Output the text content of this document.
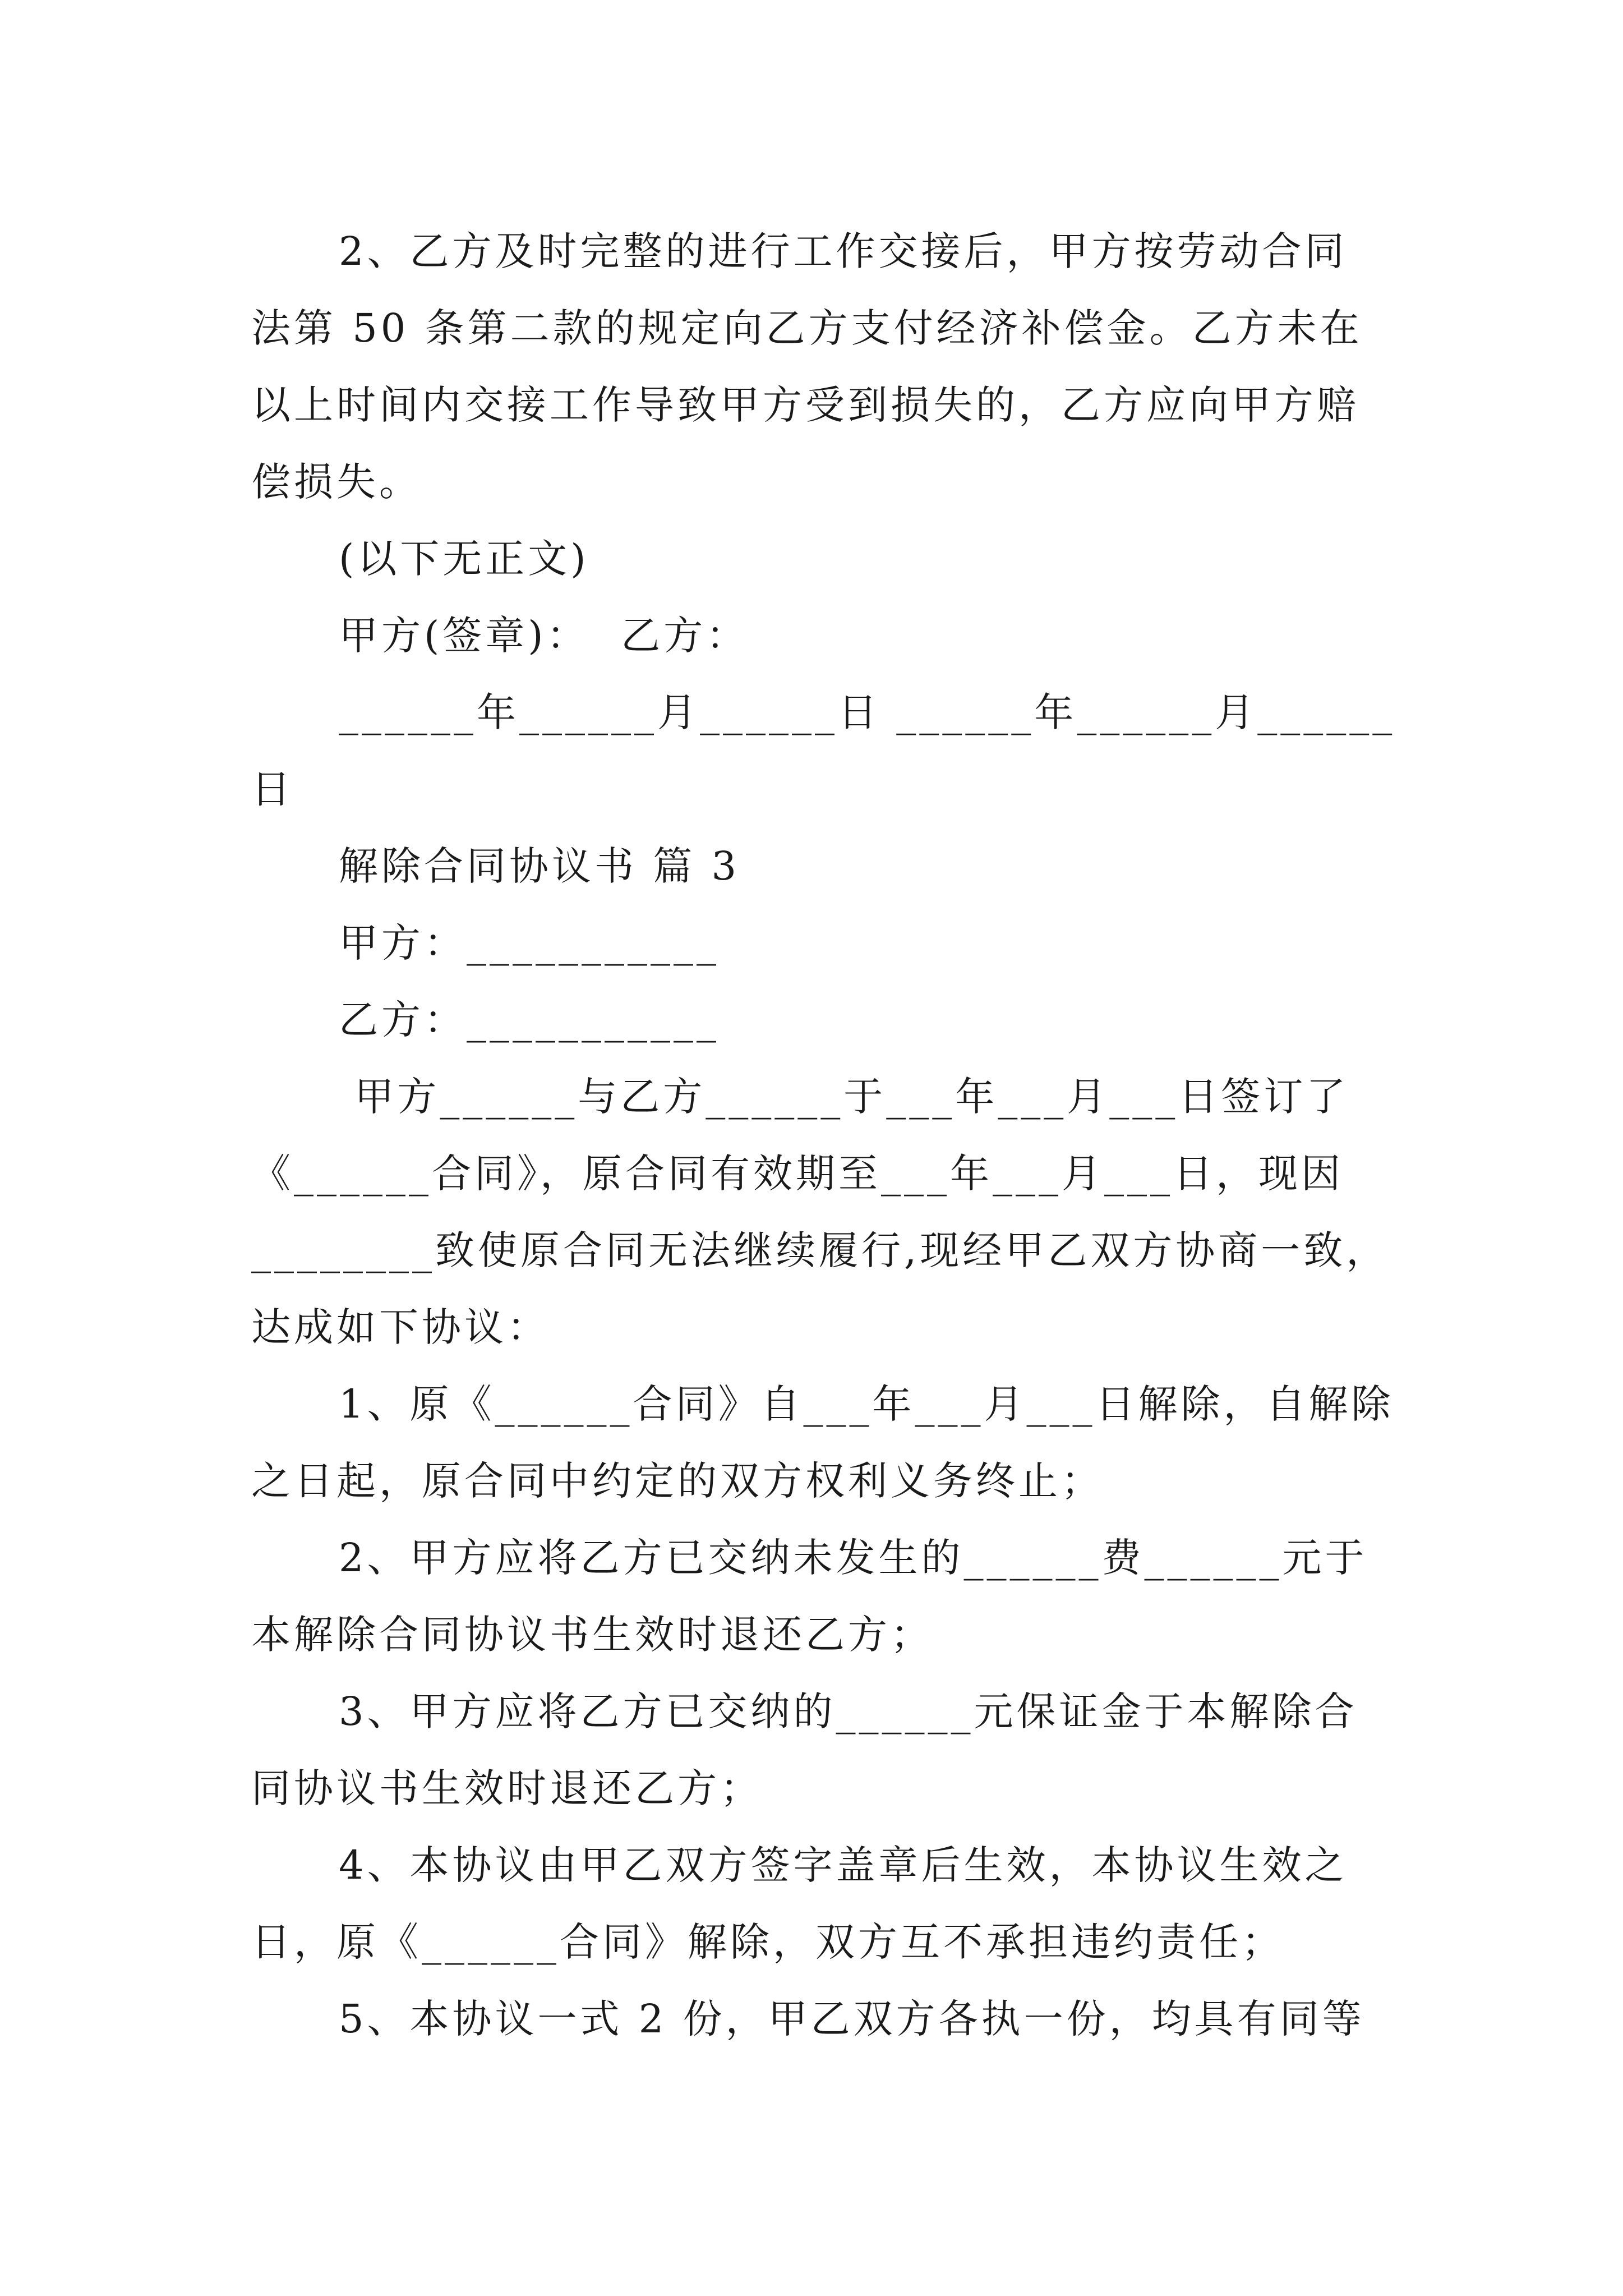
2、乙方及时完整的进行工作交接后，甲方按劳动合同
法第 50 条第二款的规定向乙方支付经济补偿金。乙方未在
以上时间内交接工作导致甲方受到损失的，乙方应向甲方赔
偿损失。
(以下无正文)
甲方(签章)：  乙方：
______年______月______日 ______年______月______
日
解除合同协议书 篇 3
甲方：___________
乙方：___________
甲方______与乙方______于___年___月___日签订了
《______合同》，原合同有效期至___年___月___日，现因
________致使原合同无法继续履行,现经甲乙双方协商一致，
达成如下协议：
1、原《______合同》自___年___月___日解除，自解除
之日起，原合同中约定的双方权利义务终止；
2、甲方应将乙方已交纳未发生的______费______元于
本解除合同协议书生效时退还乙方；
3、甲方应将乙方已交纳的______元保证金于本解除合
同协议书生效时退还乙方；
4、本协议由甲乙双方签字盖章后生效，本协议生效之
日，原《______合同》解除，双方互不承担违约责任；
5、本协议一式 2 份，甲乙双方各执一份，均具有同等
